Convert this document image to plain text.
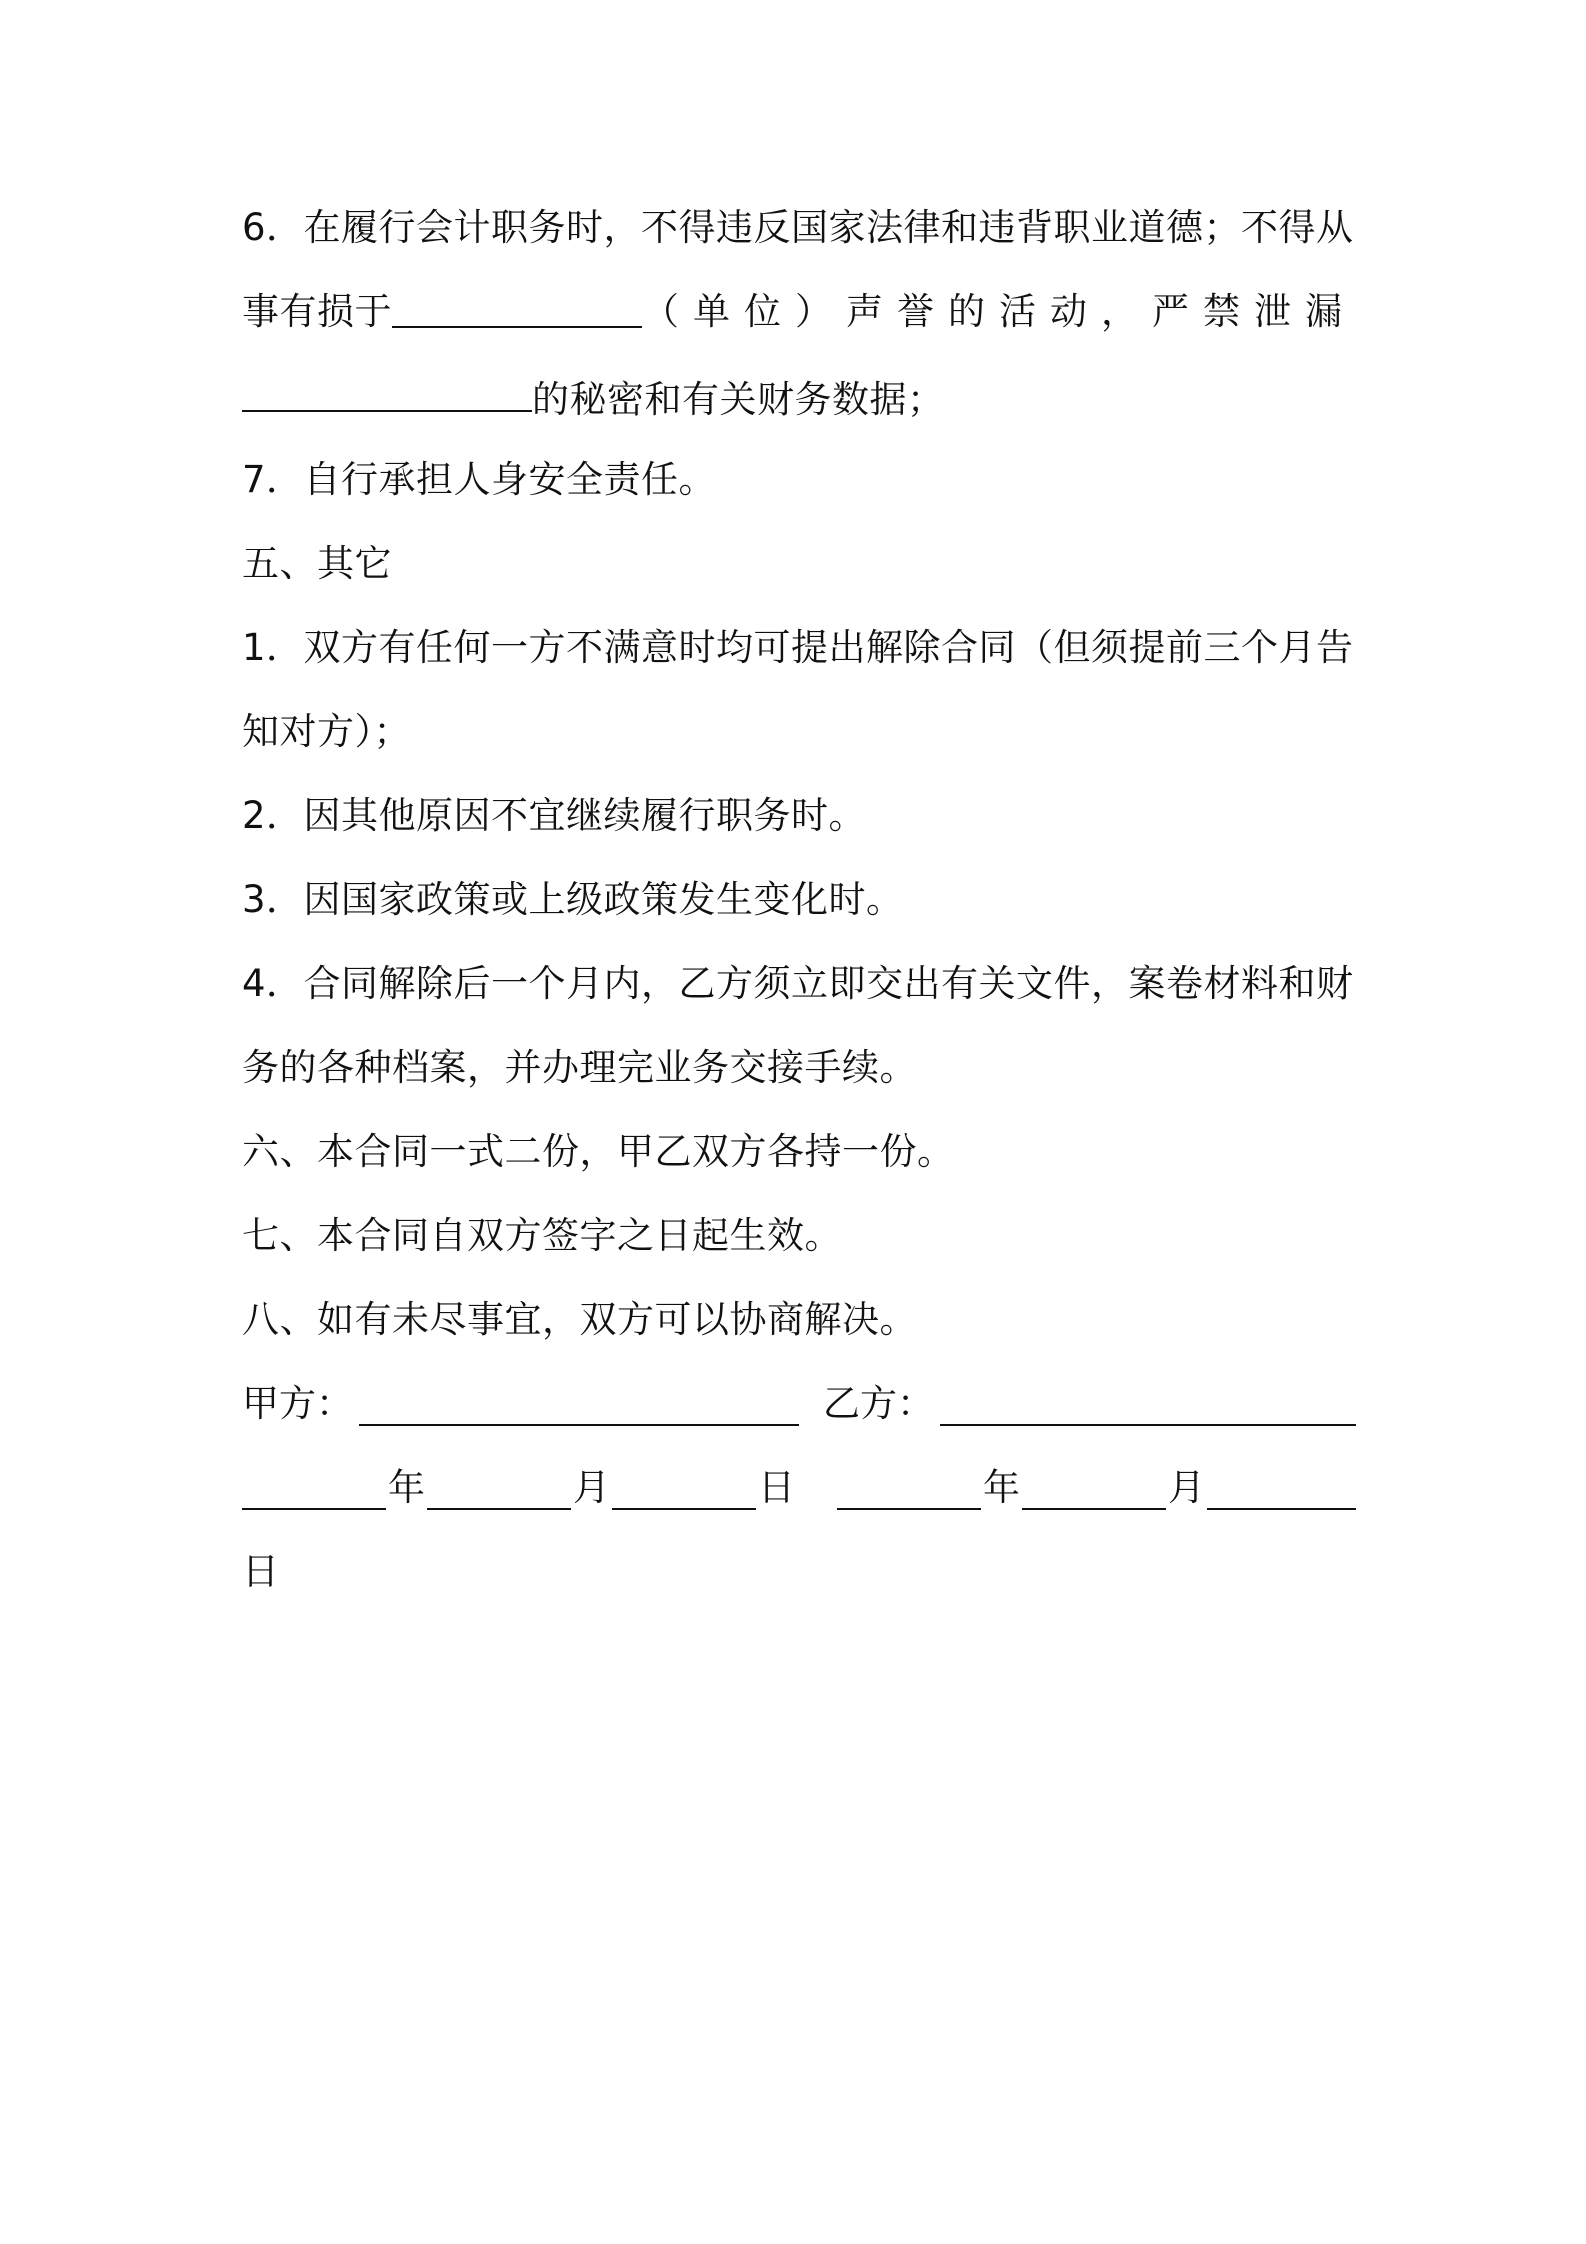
6．在履行会计职务时，不得违反国家法律和违背职业道德；不得从
事 有 损 于	（单位）声誉的活动，严禁泄漏
的秘密和有关财务数据；
7．自行承担人身安全责任。
五、其它
1．双方有任何一方不满意时均可提出解除合同（但须提前三个月告
知对方）；
2．因其他原因不宜继续履行职务时。
3．因国家政策或上级政策发生变化时。
4．合同解除后一个月内，乙方须立即交出有关文件，案卷材料和财
务的各种档案，并办理完业务交接手续。
六、本合同一式二份，甲乙双方各持一份。
七、本合同自双方签字之日起生效。
八、如有未尽事宜，双方可以协商解决。
甲方：	乙方：
年	月	日	年	月
日
